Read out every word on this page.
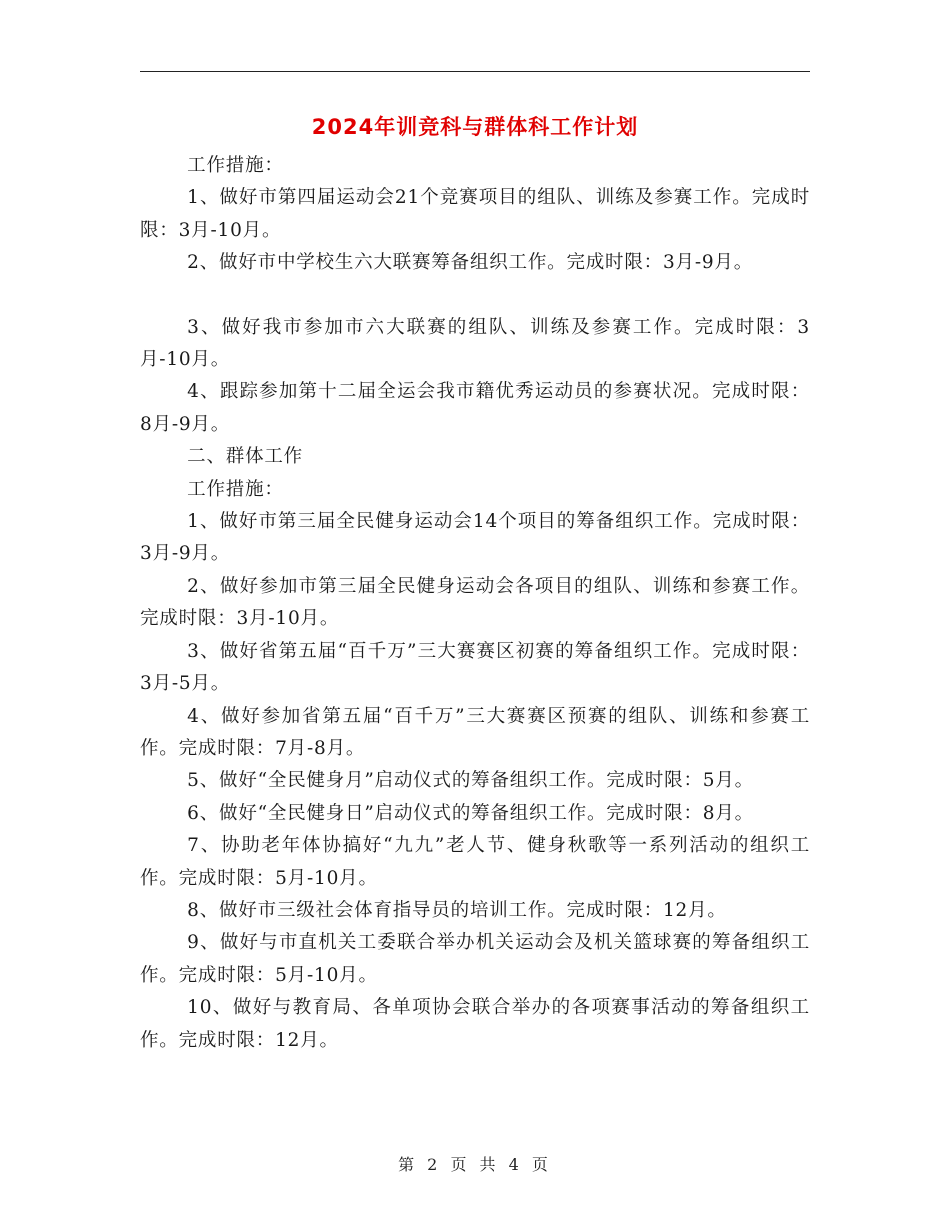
2024年训竞科与群体科工作计划

工作措施：

1、做好市第四届运动会21个竞赛项目的组队、训练及参赛工作。完成时限：3月-10月。

2、做好市中学校生六大联赛筹备组织工作。完成时限：3月-9月。

3、做好我市参加市六大联赛的组队、训练及参赛工作。完成时限：3月-10月。

4、跟踪参加第十二届全运会我市籍优秀运动员的参赛状况。完成时限：8月-9月。

二、群体工作

工作措施：

1、做好市第三届全民健身运动会14个项目的筹备组织工作。完成时限：3月-9月。

2、做好参加市第三届全民健身运动会各项目的组队、训练和参赛工作。完成时限：3月-10月。

3、做好省第五届“百千万”三大赛赛区初赛的筹备组织工作。完成时限：3月-5月。

4、做好参加省第五届“百千万”三大赛赛区预赛的组队、训练和参赛工作。完成时限：7月-8月。

5、做好“全民健身月”启动仪式的筹备组织工作。完成时限：5月。

6、做好“全民健身日”启动仪式的筹备组织工作。完成时限：8月。

7、协助老年体协搞好“九九”老人节、健身秋歌等一系列活动的组织工作。完成时限：5月-10月。

8、做好市三级社会体育指导员的培训工作。完成时限：12月。

9、做好与市直机关工委联合举办机关运动会及机关篮球赛的筹备组织工作。完成时限：5月-10月。

10、做好与教育局、各单项协会联合举办的各项赛事活动的筹备组织工作。完成时限：12月。

第 2 页 共 4 页
